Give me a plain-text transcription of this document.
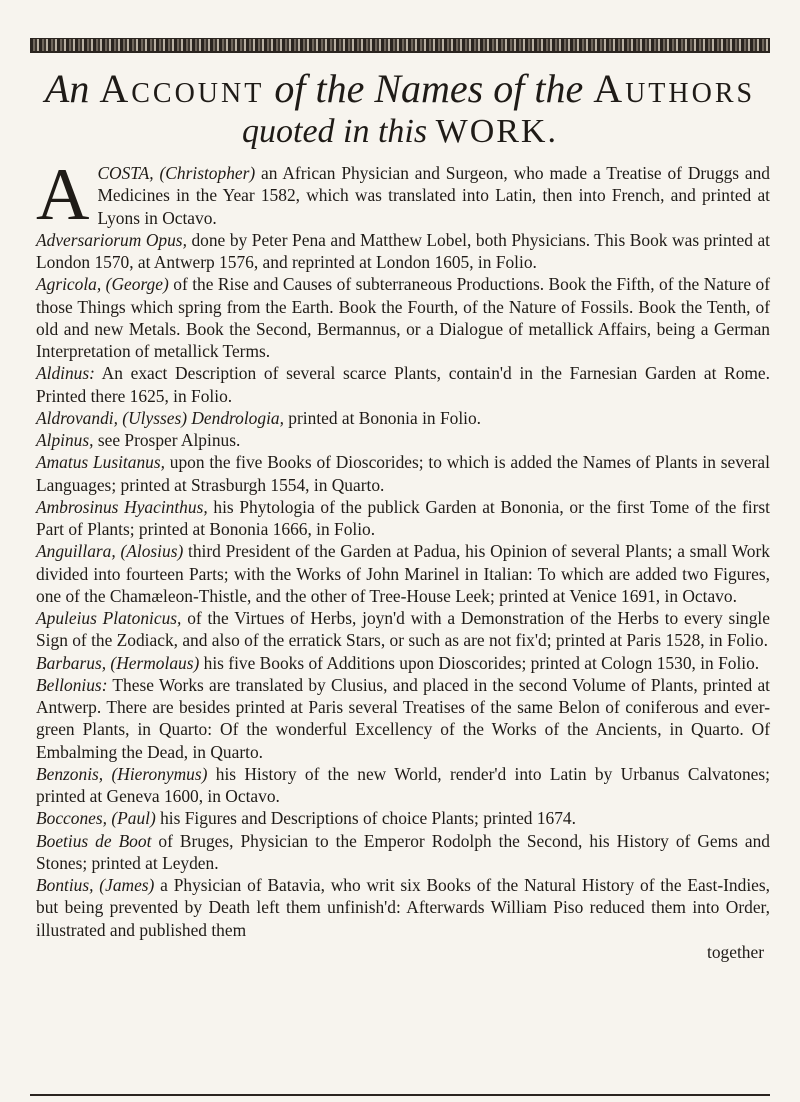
An Account of the Names of the Authors
quoted in this WORK.

ACOSTA, (Christopher) an African Physician and Surgeon, who made a Treatise of Druggs and Medicines in the Year 1582, which was translated into Latin, then into French, and printed at Lyons in Octavo.

Adversariorum Opus, done by Peter Pena and Matthew Lobel, both Physicians. This Book was printed at London 1570, at Antwerp 1576, and reprinted at London 1605, in Folio.

Agricola, (George) of the Rise and Causes of subterraneous Productions. Book the Fifth, of the Nature of those Things which spring from the Earth. Book the Fourth, of the Nature of Fossils. Book the Tenth, of old and new Metals. Book the Second, Bermannus, or a Dialogue of metallick Affairs, being a German Interpretation of metallick Terms.

Aldinus: An exact Description of several scarce Plants, contain'd in the Farnesian Garden at Rome. Printed there 1625, in Folio.

Aldrovandi, (Ulysses) Dendrologia, printed at Bononia in Folio.

Alpinus, see Prosper Alpinus.

Amatus Lusitanus, upon the five Books of Dioscorides; to which is added the Names of Plants in several Languages; printed at Strasburgh 1554, in Quarto.

Ambrosinus Hyacinthus, his Phytologia of the publick Garden at Bononia, or the first Tome of the first Part of Plants; printed at Bononia 1666, in Folio.

Anguillara, (Alosius) third President of the Garden at Padua, his Opinion of several Plants; a small Work divided into fourteen Parts; with the Works of John Marinel in Italian: To which are added two Figures, one of the Chamæleon-Thistle, and the other of Tree-House Leek; printed at Venice 1691, in Octavo.

Apuleius Platonicus, of the Virtues of Herbs, joyn'd with a Demonstration of the Herbs to every single Sign of the Zodiack, and also of the erratick Stars, or such as are not fix'd; printed at Paris 1528, in Folio.

Barbarus, (Hermolaus) his five Books of Additions upon Dioscorides; printed at Cologn 1530, in Folio.

Bellonius: These Works are translated by Clusius, and placed in the second Volume of Plants, printed at Antwerp. There are besides printed at Paris several Treatises of the same Belon of coniferous and ever-green Plants, in Quarto: Of the wonderful Excellency of the Works of the Ancients, in Quarto. Of Embalming the Dead, in Quarto.

Benzonis, (Hieronymus) his History of the new World, render'd into Latin by Urbanus Calvatones; printed at Geneva 1600, in Octavo.

Boccones, (Paul) his Figures and Descriptions of choice Plants; printed 1674.

Boetius de Boot of Bruges, Physician to the Emperor Rodolph the Second, his History of Gems and Stones; printed at Leyden.

Bontius, (James) a Physician of Batavia, who writ six Books of the Natural History of the East-Indies, but being prevented by Death left them unfinish'd: Afterwards William Piso reduced them into Order, illustrated and published them

together
